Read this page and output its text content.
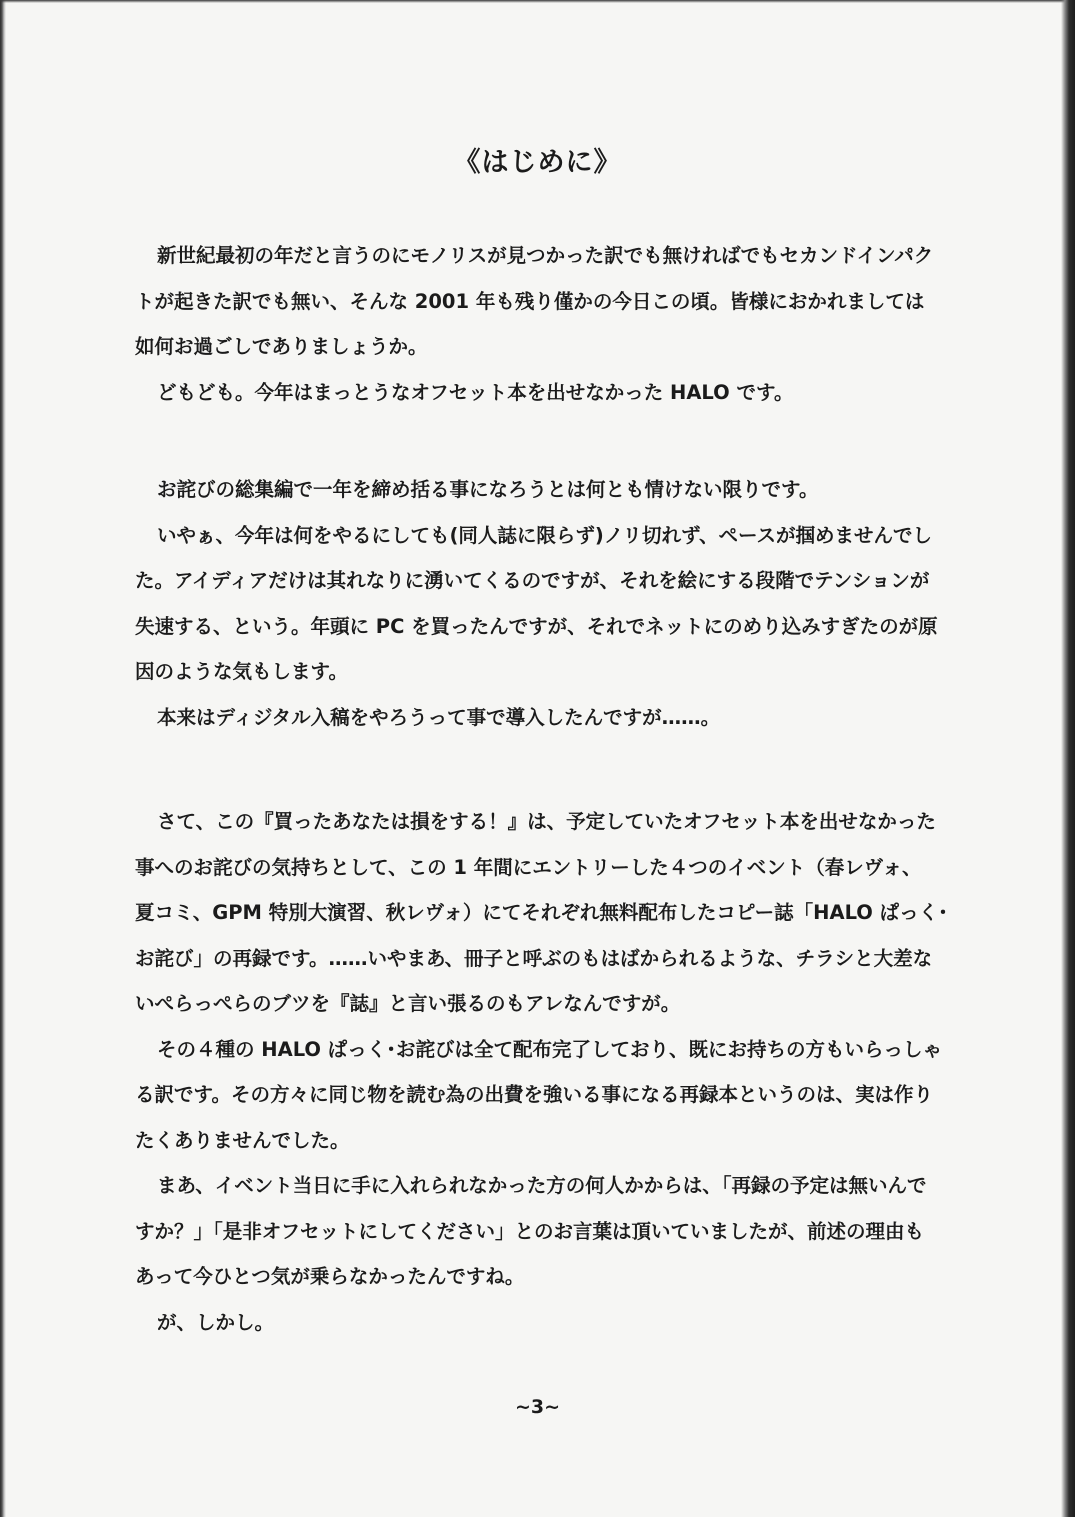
《はじめに》
新世紀最初の年だと言うのにモノリスが見つかった訳でも無ければでもセカンドインパク
トが起きた訳でも無い、そんな 2001 年も残り僅かの今日この頃。皆様におかれましては
如何お過ごしでありましょうか。
どもども。今年はまっとうなオフセット本を出せなかった HALO です。
お詫びの総集編で一年を締め括る事になろうとは何とも情けない限りです。
いやぁ、今年は何をやるにしても(同人誌に限らず)ノリ切れず、ペースが掴めませんでし
た。アイディアだけは其れなりに湧いてくるのですが、それを絵にする段階でテンションが
失速する、という。年頭に PC を買ったんですが、それでネットにのめり込みすぎたのが原
因のような気もします。
本来はディジタル入稿をやろうって事で導入したんですが……。
さて、この『買ったあなたは損をする！』は、予定していたオフセット本を出せなかった
事へのお詫びの気持ちとして、この 1 年間にエントリーした４つのイベント（春レヴォ、
夏コミ、GPM 特別大演習、秋レヴォ）にてそれぞれ無料配布したコピー誌「HALO ぱっく･
お詫び」の再録です。……いやまあ、冊子と呼ぶのもはばかられるような、チラシと大差な
いぺらっぺらのブツを『誌』と言い張るのもアレなんですが。
その４種の HALO ぱっく･お詫びは全て配布完了しており、既にお持ちの方もいらっしゃ
る訳です。その方々に同じ物を読む為の出費を強いる事になる再録本というのは、実は作り
たくありませんでした。
まあ、イベント当日に手に入れられなかった方の何人かからは、「再録の予定は無いんで
すか？」「是非オフセットにしてください」とのお言葉は頂いていましたが、前述の理由も
あって今ひとつ気が乗らなかったんですね。
が、しかし。
~3~
